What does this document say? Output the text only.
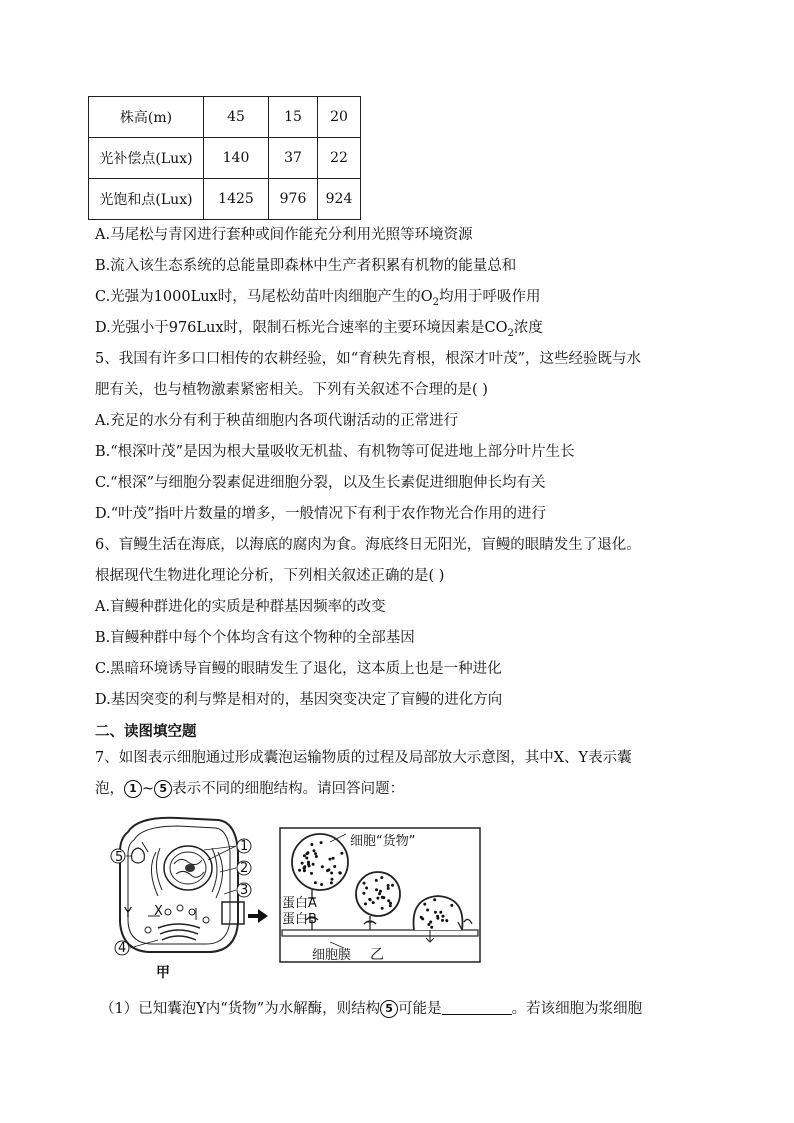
株高(m)	45	15	20
光补偿点(Lux)	140	37	22
光饱和点(Lux)	1425	976	924
A.马尾松与青冈进行套种或间作能充分利用光照等环境资源
B.流入该生态系统的总能量即森林中生产者积累有机物的能量总和
C.光强为1000Lux时，马尾松幼苗叶肉细胞产生的$O_2$均用于呼吸作用
D.光强小于976Lux时，限制石栎光合速率的主要环境因素是$CO_2$浓度
5、我国有许多口口相传的农耕经验，如“育秧先育根，根深才叶茂”，这些经验既与水
肥有关，也与植物激素紧密相关。下列有关叙述不合理的是( )
A.充足的水分有利于秧苗细胞内各项代谢活动的正常进行
B.“根深叶茂”是因为根大量吸收无机盐、有机物等可促进地上部分叶片生长
C.“根深”与细胞分裂素促进细胞分裂，以及生长素促进细胞伸长均有关
D.“叶茂”指叶片数量的增多，一般情况下有利于农作物光合作用的进行
6、盲鳗生活在海底，以海底的腐肉为食。海底终日无阳光，盲鳗的眼睛发生了退化。
根据现代生物进化理论分析，下列相关叙述正确的是( )
A.盲鳗种群进化的实质是种群基因频率的改变
B.盲鳗种群中每个个体均含有这个物种的全部基因
C.黑暗环境诱导盲鳗的眼睛发生了退化，这本质上也是一种进化
D.基因突变的利与弊是相对的，基因突变决定了盲鳗的进化方向
二、读图填空题
7、如图表示细胞通过形成囊泡运输物质的过程及局部放大示意图，其中X、Y表示囊
泡， 1 ~ 5 表示不同的细胞结构。请回答问题：
5
1
2
3
4
Y X
甲
细胞“货物”
蛋白A
蛋白B
细胞膜 乙
（1）已知囊泡Y内“货物”为水解酶，则结构 5 可能是	。若该细胞为浆细胞
